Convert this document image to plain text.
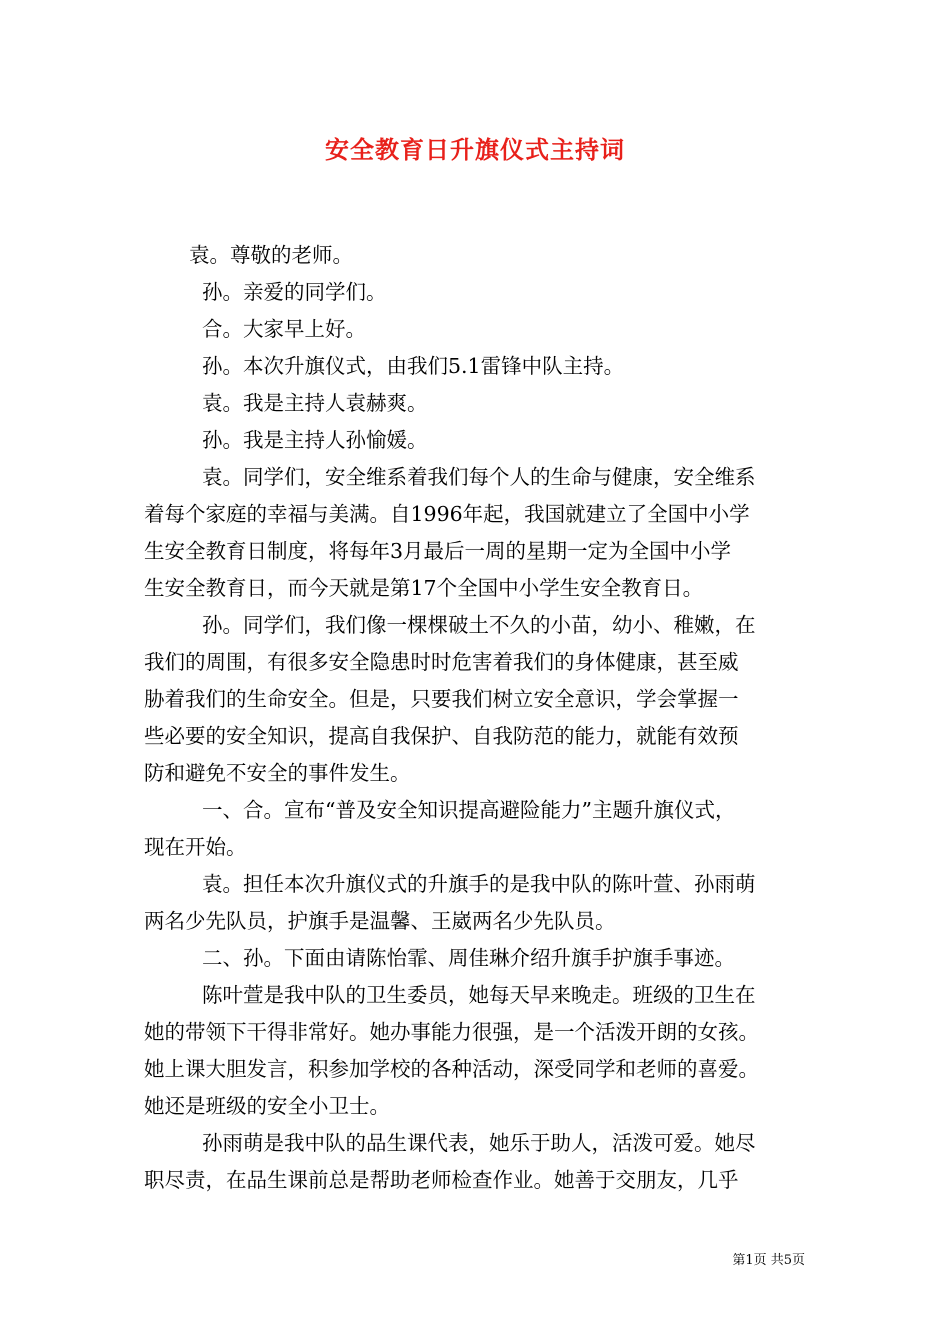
安全教育日升旗仪式主持词
袁。尊敬的老师。
孙。亲爱的同学们。
合。大家早上好。
孙。本次升旗仪式，由我们5.1雷锋中队主持。
袁。我是主持人袁赫爽。
孙。我是主持人孙愉媛。
袁。同学们，安全维系着我们每个人的生命与健康，安全维系
着每个家庭的幸福与美满。自1996年起，我国就建立了全国中小学
生安全教育日制度，将每年3月最后一周的星期一定为全国中小学
生安全教育日，而今天就是第17个全国中小学生安全教育日。
孙。同学们，我们像一棵棵破土不久的小苗，幼小、稚嫩，在
我们的周围，有很多安全隐患时时危害着我们的身体健康，甚至威
胁着我们的生命安全。但是，只要我们树立安全意识，学会掌握一
些必要的安全知识，提高自我保护、自我防范的能力，就能有效预
防和避免不安全的事件发生。
一、合。宣布“普及安全知识提高避险能力”主题升旗仪式，
现在开始。
袁。担任本次升旗仪式的升旗手的是我中队的陈叶萱、孙雨萌
两名少先队员，护旗手是温馨、王崴两名少先队员。
二、孙。下面由请陈怡霏、周佳琳介绍升旗手护旗手事迹。
陈叶萱是我中队的卫生委员，她每天早来晚走。班级的卫生在
她的带领下干得非常好。她办事能力很强，是一个活泼开朗的女孩。
她上课大胆发言，积参加学校的各种活动，深受同学和老师的喜爱。
她还是班级的安全小卫士。
孙雨萌是我中队的品生课代表，她乐于助人，活泼可爱。她尽
职尽责，在品生课前总是帮助老师检查作业。她善于交朋友，几乎
第1页 共5页
